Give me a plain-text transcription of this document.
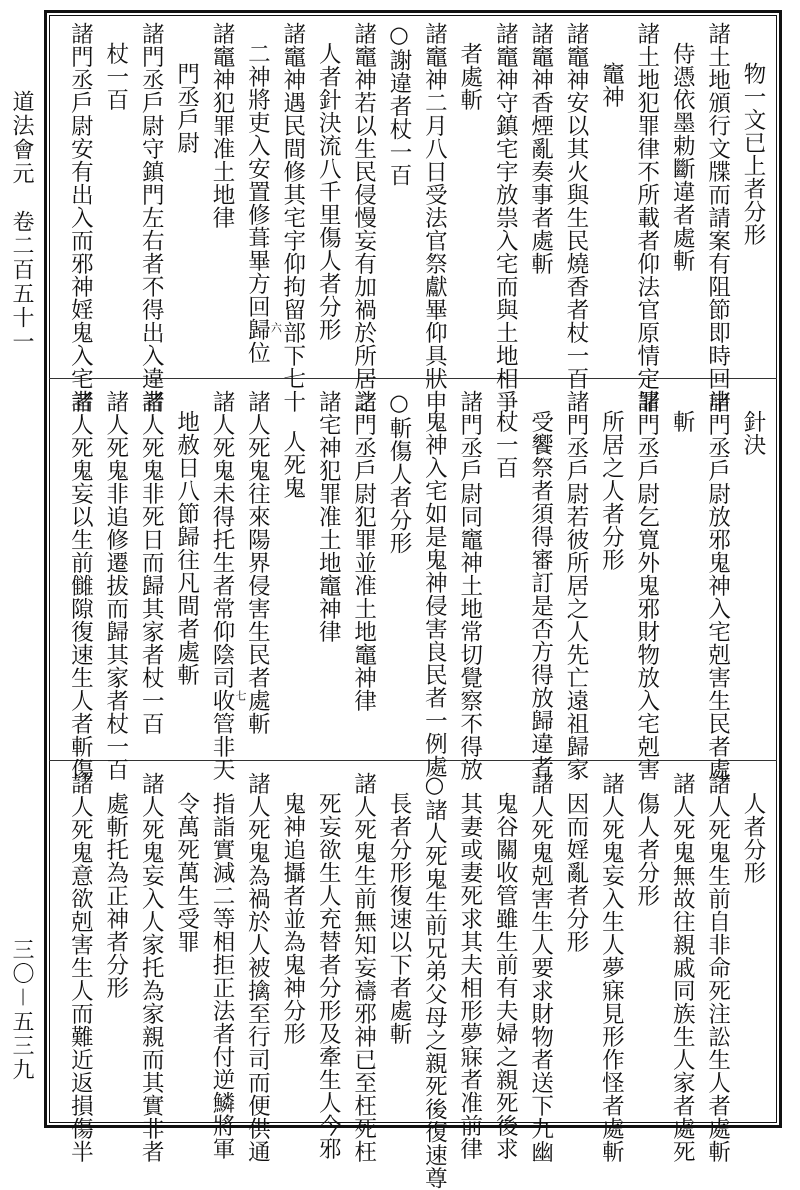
道法會元　卷二百五十一
三〇－五三九
物一文已上者分形
諸土地頒行文牒而請案有阻節即時回申
侍憑依墨勅斷違者處斬
諸土地犯罪律不所載者仰法官原情定罪
竈神
諸竈神安以其火與生民燒香者杖一百
諸竈神香煙亂奏事者處斬
諸竈神守鎮宅宇放祟入宅而與土地相爭
者處斬
諸竈神二月八日受法官祭獻畢仰具狀申
○謝違者杖一百
諸竈神若以生民侵慢妄有加禍於所居之
人者針決流八千里傷人者分形
諸竈神遇民間修其宅宇仰拘留部下七十
二神將吏入安置修葺畢方回歸位 六
諸竈神犯罪准土地律
門丞戶尉
諸門丞戶尉守鎮門左右者不得出入違者
杖一百
諸門丞戶尉安有出入而邪神婬鬼入宅者
針決
諸門丞戶尉放邪鬼神入宅剋害生民者處
斬
諸門丞戶尉乞寬外鬼邪財物放入宅剋害
所居之人者分形
諸門丞戶尉若彼所居之人先亡遠祖歸家
受饗祭者須得審訂是否方得放歸違者
杖一百
諸門丞戶尉同竈神土地常切覺察不得放
鬼神入宅如是鬼神侵害良民者一例處
○斬傷人者分形
諸門丞戶尉犯罪並准土地竈神律
諸宅神犯罪准土地竈神律
人死鬼
諸人死鬼往來陽界侵害生民者處斬
諸人死鬼未得托生者常仰陰司收管非天 七
地赦日八節歸往凡間者處斬
諸人死鬼非死日而歸其家者杖一百
諸人死鬼非追修遷拔而歸其家者杖一百
諸人死鬼妄以生前雠隙復速生人者斬傷
人者分形
諸人死鬼生前自非命死注訟生人者處斬
諸人死鬼無故往親戚同族生人家者處死
傷人者分形
諸人死鬼妄入生人夢寐見形作怪者處斬
因而婬亂者分形
諸人死鬼剋害生人要求財物者送下九幽
鬼谷關收管雖生前有夫婦之親死後求
其妻或妻死求其夫相形夢寐者准前律
○諸人死鬼生前兄弟父母之親死後復速尊
長者分形復速以下者處斬
諸人死鬼生前無知妄禱邪神已至枉死枉
死妄欲生人充替者分形及牽生人今邪
鬼神追攝者並為鬼神分形
諸人死鬼為禍於人被擒至行司而便供通
指詣實減二等相拒正法者付逆鱗將軍
令萬死萬生受罪
諸人死鬼妄入人家托為家親而其實非者
處斬托為正神者分形
諸人死鬼意欲剋害生人而難近返損傷半
